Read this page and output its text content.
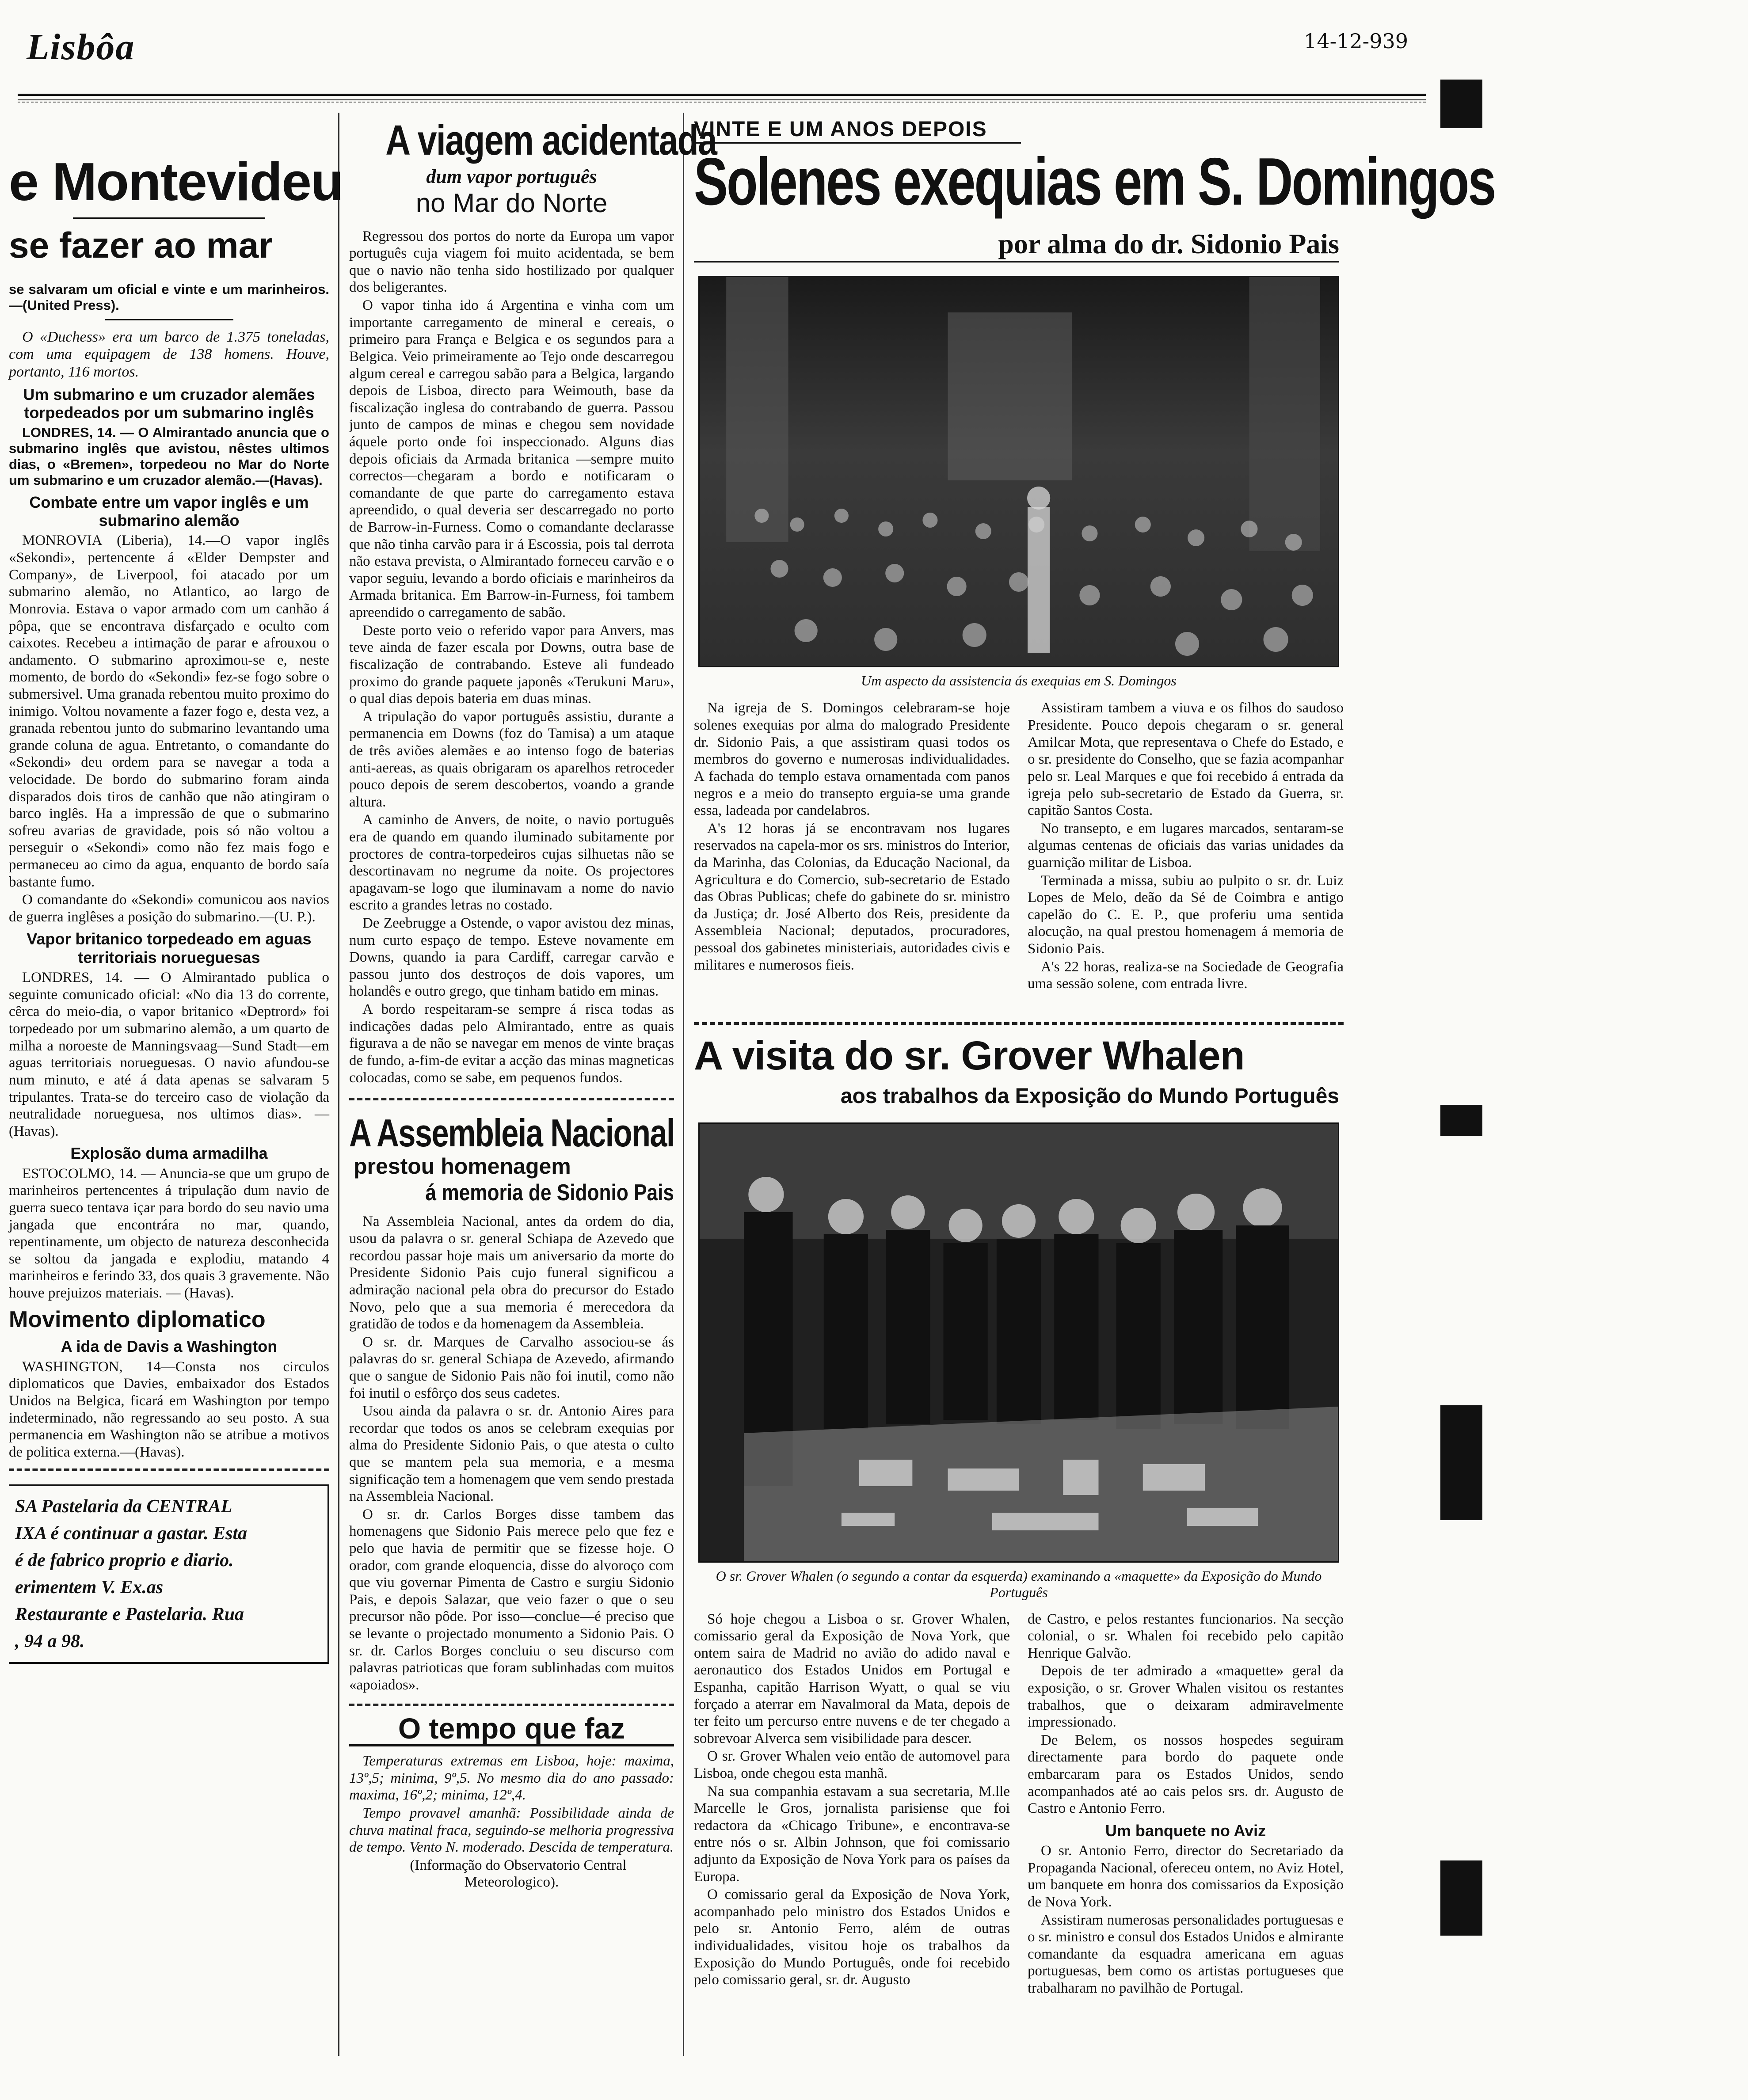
Lisbôa	14-12-939
e Montevideu
se fazer ao mar

se salvaram um oficial e vinte e um marinheiros.—(United Press).

O «Duchess» era um barco de 1.375 toneladas, com uma equipagem de 138 homens. Houve, portanto, 116 mortos.

Um submarino e um cruzador alemães torpedeados por um submarino inglês

LONDRES, 14. — O Almirantado anuncia que o submarino inglês que avistou, nêstes ultimos dias, o «Bremen», torpedeou no Mar do Norte um submarino e um cruzador alemão.—(Havas).

Combate entre um vapor inglês e um submarino alemão

MONROVIA (Liberia), 14.—O vapor inglês «Sekondi», pertencente á «Elder Dempster and Company», de Liverpool, foi atacado por um submarino alemão, no Atlantico, ao largo de Monrovia. Estava o vapor armado com um canhão á pôpa, que se encontrava disfarçado e oculto com caixotes. Recebeu a intimação de parar e afrouxou o andamento. O submarino aproximou-se e, neste momento, de bordo do «Sekondi» fez-se fogo sobre o submersivel. Uma granada rebentou muito proximo do inimigo. Voltou novamente a fazer fogo e, desta vez, a granada rebentou junto do submarino levantando uma grande coluna de agua. Entretanto, o comandante do «Sekondi» deu ordem para se navegar a toda a velocidade. De bordo do submarino foram ainda disparados dois tiros de canhão que não atingiram o barco inglês. Ha a impressão de que o submarino sofreu avarias de gravidade, pois só não voltou a perseguir o «Sekondi» como não fez mais fogo e permaneceu ao cimo da agua, enquanto de bordo saía bastante fumo.

O comandante do «Sekondi» comunicou aos navios de guerra inglêses a posição do submarino.—(U. P.).

Vapor britanico torpedeado em aguas territoriais norueguesas

LONDRES, 14. — O Almirantado publica o seguinte comunicado oficial: «No dia 13 do corrente, cêrca do meio-dia, o vapor britanico «Deptrord» foi torpedeado por um submarino alemão, a um quarto de milha a noroeste de Manningsvaag—Sund Stadt—em aguas territoriais norueguesas. O navio afundou-se num minuto, e até á data apenas se salvaram 5 tripulantes. Trata-se do terceiro caso de violação da neutralidade norueguesa, nos ultimos dias». — (Havas).

Explosão duma armadilha

ESTOCOLMO, 14. — Anuncia-se que um grupo de marinheiros pertencentes á tripulação dum navio de guerra sueco tentava içar para bordo do seu navio uma jangada que encontrára no mar, quando, repentinamente, um objecto de natureza desconhecida se soltou da jangada e explodiu, matando 4 marinheiros e ferindo 33, dos quais 3 gravemente. Não houve prejuizos materiais. — (Havas).

Movimento diplomatico
A ida de Davis a Washington

WASHINGTON, 14—Consta nos circulos diplomaticos que Davies, embaixador dos Estados Unidos na Belgica, ficará em Washington por tempo indeterminado, não regressando ao seu posto. A sua permanencia em Washington não se atribue a motivos de politica externa.—(Havas).

SA Pastelaria da CENTRAL
IXA é continuar a gastar. Esta
é de fabrico proprio e diario.
erimentem V. Ex.as
Restaurante e Pastelaria. Rua
, 94 a 98.
A viagem acidentada
dum vapor português
no Mar do Norte

Regressou dos portos do norte da Europa um vapor português cuja viagem foi muito acidentada, se bem que o navio não tenha sido hostilizado por qualquer dos beligerantes.

O vapor tinha ido á Argentina e vinha com um importante carregamento de mineral e cereais, o primeiro para França e Belgica e os segundos para a Belgica. Veio primeiramente ao Tejo onde descarregou algum cereal e carregou sabão para a Belgica, largando depois de Lisboa, directo para Weimouth, base da fiscalização inglesa do contrabando de guerra. Passou junto de campos de minas e chegou sem novidade áquele porto onde foi inspeccionado. Alguns dias depois oficiais da Armada britanica —sempre muito correctos—chegaram a bordo e notificaram o comandante de que parte do carregamento estava apreendido, o qual deveria ser descarregado no porto de Barrow-in-Furness. Como o comandante declarasse que não tinha carvão para ir á Escossia, pois tal derrota não estava prevista, o Almirantado forneceu carvão e o vapor seguiu, levando a bordo oficiais e marinheiros da Armada britanica. Em Barrow-in-Furness, foi tambem apreendido o carregamento de sabão.

Deste porto veio o referido vapor para Anvers, mas teve ainda de fazer escala por Downs, outra base de fiscalização de contrabando. Esteve ali fundeado proximo do grande paquete japonês «Terukuni Maru», o qual dias depois bateria em duas minas.

A tripulação do vapor português assistiu, durante a permanencia em Downs (foz do Tamisa) a um ataque de três aviões alemães e ao intenso fogo de baterias anti-aereas, as quais obrigaram os aparelhos retroceder pouco depois de serem descobertos, voando a grande altura.

A caminho de Anvers, de noite, o navio português era de quando em quando iluminado subitamente por proctores de contra-torpedeiros cujas silhuetas não se descortinavam no negrume da noite. Os projectores apagavam-se logo que iluminavam a nome do navio escrito a grandes letras no costado.

De Zeebrugge a Ostende, o vapor avistou dez minas, num curto espaço de tempo. Esteve novamente em Downs, quando ia para Cardiff, carregar carvão e passou junto dos destroços de dois vapores, um holandês e outro grego, que tinham batido em minas.

A bordo respeitaram-se sempre á risca todas as indicações dadas pelo Almirantado, entre as quais figurava a de não se navegar em menos de vinte braças de fundo, a-fim-de evitar a acção das minas magneticas colocadas, como se sabe, em pequenos fundos.

A Assembleia Nacional
prestou homenagem
á memoria de Sidonio Pais

Na Assembleia Nacional, antes da ordem do dia, usou da palavra o sr. general Schiapa de Azevedo que recordou passar hoje mais um aniversario da morte do Presidente Sidonio Pais cujo funeral significou a admiração nacional pela obra do precursor do Estado Novo, pelo que a sua memoria é merecedora da gratidão de todos e da homenagem da Assembleia.

O sr. dr. Marques de Carvalho associou-se ás palavras do sr. general Schiapa de Azevedo, afirmando que o sangue de Sidonio Pais não foi inutil, como não foi inutil o esfôrço dos seus cadetes.

Usou ainda da palavra o sr. dr. Antonio Aires para recordar que todos os anos se celebram exequias por alma do Presidente Sidonio Pais, o que atesta o culto que se mantem pela sua memoria, e a mesma significação tem a homenagem que vem sendo prestada na Assembleia Nacional.

O sr. dr. Carlos Borges disse tambem das homenagens que Sidonio Pais merece pelo que fez e pelo que havia de permitir que se fizesse hoje. O orador, com grande eloquencia, disse do alvoroço com que viu governar Pimenta de Castro e surgiu Sidonio Pais, e depois Salazar, que veio fazer o que o seu precursor não pôde. Por isso—conclue—é preciso que se levante o projectado monumento a Sidonio Pais. O sr. dr. Carlos Borges concluiu o seu discurso com palavras patrioticas que foram sublinhadas com muitos «apoiados».

O tempo que faz

Temperaturas extremas em Lisboa, hoje: maxima, 13º,5; minima, 9º,5. No mesmo dia do ano passado: maxima, 16º,2; minima, 12º,4.

Tempo provavel amanhã: Possibilidade ainda de chuva matinal fraca, seguindo-se melhoria progressiva de tempo. Vento N. moderado. Descida de temperatura.

(Informação do Observatorio Central Meteorologico).

VINTE E UM ANOS DEPOIS
Solenes exequias em S. Domingos
por alma do dr. Sidonio Pais
Um aspecto da assistencia ás exequias em S. Domingos

Na igreja de S. Domingos celebraram-se hoje solenes exequias por alma do malogrado Presidente dr. Sidonio Pais, a que assistiram quasi todos os membros do governo e numerosas individualidades. A fachada do templo estava ornamentada com panos negros e a meio do transepto erguia-se uma grande essa, ladeada por candelabros.

A's 12 horas já se encontravam nos lugares reservados na capela-mor os srs. ministros do Interior, da Marinha, das Colonias, da Educação Nacional, da Agricultura e do Comercio, sub-secretario de Estado das Obras Publicas; chefe do gabinete do sr. ministro da Justiça; dr. José Alberto dos Reis, presidente da Assembleia Nacional; deputados, procuradores, pessoal dos gabinetes ministeriais, autoridades civis e militares e numerosos fieis.

Assistiram tambem a viuva e os filhos do saudoso Presidente. Pouco depois chegaram o sr. general Amilcar Mota, que representava o Chefe do Estado, e o sr. presidente do Conselho, que se fazia acompanhar pelo sr. Leal Marques e que foi recebido á entrada da igreja pelo sub-secretario de Estado da Guerra, sr. capitão Santos Costa.

No transepto, e em lugares marcados, sentaram-se algumas centenas de oficiais das varias unidades da guarnição militar de Lisboa.

Terminada a missa, subiu ao pulpito o sr. dr. Luiz Lopes de Melo, deão da Sé de Coimbra e antigo capelão do C. E. P., que proferiu uma sentida alocução, na qual prestou homenagem á memoria de Sidonio Pais.

A's 22 horas, realiza-se na Sociedade de Geografia uma sessão solene, com entrada livre.

A visita do sr. Grover Whalen
aos trabalhos da Exposição do Mundo Português
O sr. Grover Whalen (o segundo a contar da esquerda) examinando a «maquette» da Exposição do Mundo Português

Só hoje chegou a Lisboa o sr. Grover Whalen, comissario geral da Exposição de Nova York, que ontem saira de Madrid no avião do adido naval e aeronautico dos Estados Unidos em Portugal e Espanha, capitão Harrison Wyatt, o qual se viu forçado a aterrar em Navalmoral da Mata, depois de ter feito um percurso entre nuvens e de ter chegado a sobrevoar Alverca sem visibilidade para descer.

O sr. Grover Whalen veio então de automovel para Lisboa, onde chegou esta manhã.

Na sua companhia estavam a sua secretaria, M.lle Marcelle le Gros, jornalista parisiense que foi redactora da «Chicago Tribune», e encontrava-se entre nós o sr. Albin Johnson, que foi comissario adjunto da Exposição de Nova York para os países da Europa.

O comissario geral da Exposição de Nova York, acompanhado pelo ministro dos Estados Unidos e pelo sr. Antonio Ferro, além de outras individualidades, visitou hoje os trabalhos da Exposição do Mundo Português, onde foi recebido pelo comissario geral, sr. dr. Augusto

de Castro, e pelos restantes funcionarios. Na secção colonial, o sr. Whalen foi recebido pelo capitão Henrique Galvão.

Depois de ter admirado a «maquette» geral da exposição, o sr. Grover Whalen visitou os restantes trabalhos, que o deixaram admiravelmente impressionado.

De Belem, os nossos hospedes seguiram directamente para bordo do paquete onde embarcaram para os Estados Unidos, sendo acompanhados até ao cais pelos srs. dr. Augusto de Castro e Antonio Ferro.

Um banquete no Aviz

O sr. Antonio Ferro, director do Secretariado da Propaganda Nacional, ofereceu ontem, no Aviz Hotel, um banquete em honra dos comissarios da Exposição de Nova York.

Assistiram numerosas personalidades portuguesas e o sr. ministro e consul dos Estados Unidos e almirante comandante da esquadra americana em aguas portuguesas, bem como os artistas portugueses que trabalharam no pavilhão de Portugal.
